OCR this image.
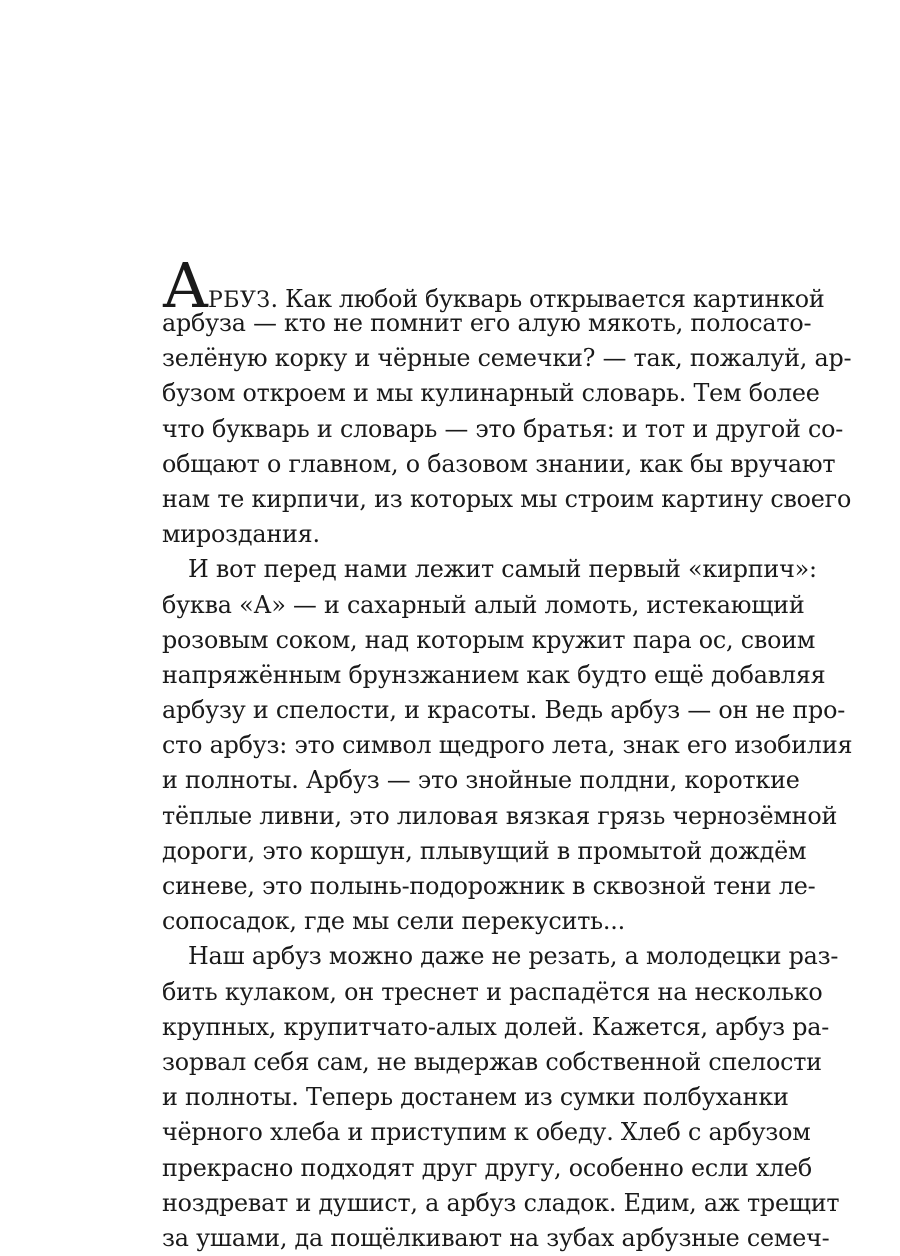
А РБУЗ. Как любой букварь открывается картинкой
арбуза — кто не помнит его алую мякоть, полосато-
зелёную корку и чёрные семечки? — так, пожалуй, ар-
бузом откроем и мы кулинарный словарь. Тем более
что букварь и словарь — это братья: и тот и другой со-
общают о главном, о базовом знании, как бы вручают
нам те кирпичи, из которых мы строим картину своего
мироздания.
И вот перед нами лежит самый первый «кирпич»:
буква «А» — и сахарный алый ломоть, истекающий
розовым соком, над которым кружит пара ос, своим
напряжённым брунзжанием как будто ещё добавляя
арбузу и спелости, и красоты. Ведь арбуз — он не про-
сто арбуз: это символ щедрого лета, знак его изобилия
и полноты. Арбуз — это знойные полдни, короткие
тёплые ливни, это лиловая вязкая грязь чернозёмной
дороги, это коршун, плывущий в промытой дождём
синеве, это полынь-подорожник в сквозной тени ле-
сопосадок, где мы сели перекусить...
Наш арбуз можно даже не резать, а молодецки раз-
бить кулаком, он треснет и распадётся на несколько
крупных, крупитчато-алых долей. Кажется, арбуз ра-
зорвал себя сам, не выдержав собственной спелости
и полноты. Теперь достанем из сумки полбуханки
чёрного хлеба и приступим к обеду. Хлеб с арбузом
прекрасно подходят друг другу, особенно если хлеб
ноздреват и душист, а арбуз сладок. Едим, аж трещит
за ушами, да пощёлкивают на зубах арбузные семеч-
